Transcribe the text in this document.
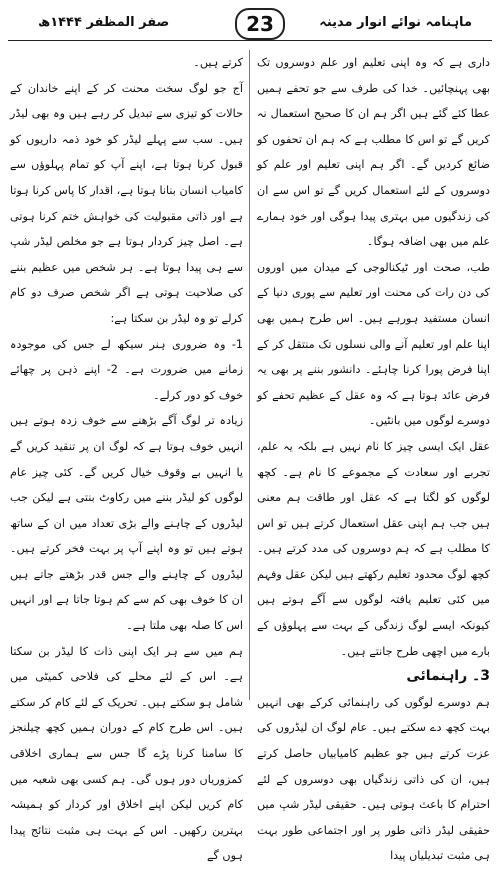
ماہنامہ نوائے انوار مدینہ
23
صفر المظفر ۱۴۴۴ھ

داری ہے کہ وہ اپنی تعلیم اور علم دوسروں تک بھی پہنچائیں۔ خدا کی طرف سے جو تحفے ہمیں عطا کئے گئے ہیں اگر ہم ان کا صحیح استعمال نہ کریں گے تو اس کا مطلب ہے کہ ہم ان تحفوں کو ضائع کردیں گے۔ اگر ہم اپنی تعلیم اور علم کو دوسروں کے لئے استعمال کریں گے تو اس سے ان کی زندگیوں میں بہتری پیدا ہوگی اور خود ہمارے علم میں بھی اضافہ ہوگا۔

طب، صحت اور ٹیکنالوجی کے میدان میں اوروں کی دن رات کی محنت اور تعلیم سے پوری دنیا کے انسان مستفید ہورہے ہیں۔ اس طرح ہمیں بھی اپنا علم اور تعلیم آنے والی نسلوں تک منتقل کر کے اپنا فرض پورا کرنا چاہئے۔ دانشور بننے پر بھی یہ فرض عائد ہوتا ہے کہ وہ عقل کے عظیم تحفے کو دوسرے لوگوں میں بانٹیں۔

عقل ایک ایسی چیز کا نام نہیں ہے بلکہ یہ علم، تجربے اور سعادت کے مجموعے کا نام ہے۔ کچھ لوگوں کو لگتا ہے کہ عقل اور طاقت ہم معنی ہیں جب ہم اپنی عقل استعمال کرتے ہیں تو اس کا مطلب ہے کہ ہم دوسروں کی مدد کرتے ہیں۔ کچھ لوگ محدود تعلیم رکھتے ہیں لیکن عقل وفہم میں کئی تعلیم یافتہ لوگوں سے آگے ہوتے ہیں کیونکہ ایسے لوگ زندگی کے بہت سے پہلوؤں کے بارے میں اچھی طرح جانتے ہیں۔

3۔ راہنمائی

ہم دوسرے لوگوں کی راہنمائی کرکے بھی انہیں بہت کچھ دے سکتے ہیں۔ عام لوگ ان لیڈروں کی عزت کرتے ہیں جو عظیم کامیابیاں حاصل کرتے ہیں، ان کی ذاتی زندگیاں بھی دوسروں کے لئے احترام کا باعث ہوتی ہیں۔ حقیقی لیڈر شپ میں حقیقی لیڈر ذاتی طور پر اور اجتماعی طور بہت ہی مثبت تبدیلیاں پیدا

کرتے ہیں۔

آج جو لوگ سخت محنت کر کے اپنے خاندان کے حالات کو تیزی سے تبدیل کر رہے ہیں وہ بھی لیڈر ہیں۔ سب سے پہلے لیڈر کو خود ذمہ داریوں کو قبول کرنا ہوتا ہے، اپنے آپ کو تمام پہلوؤں سے کامیاب انسان بنانا ہوتا ہے، اقدار کا پاس کرنا ہوتا ہے اور ذاتی مقبولیت کی خواہش ختم کرنا ہوتی ہے۔ اصل چیز کردار ہوتا ہے جو مخلص لیڈر شپ سے ہی پیدا ہوتا ہے۔ ہر شخص میں عظیم بننے کی صلاحیت ہوتی ہے اگر شخص صرف دو کام کرلے تو وہ لیڈر بن سکتا ہے:

1- وہ ضروری ہنر سیکھ لے جس کی موجودہ زمانے میں ضرورت ہے۔ 2- اپنے ذہن پر چھائے خوف کو دور کرلے۔

زیادہ تر لوگ آگے بڑھنے سے خوف زدہ ہوتے ہیں انہیں خوف ہوتا ہے کہ لوگ ان پر تنقید کریں گے یا انہیں بے وقوف خیال کریں گے۔ کئی چیز عام لوگوں کو لیڈر بننے میں رکاوٹ بنتی ہے لیکن جب لیڈروں کے چاہنے والے بڑی تعداد میں ان کے ساتھ ہوتے ہیں تو وہ اپنے آپ پر بہت فخر کرتے ہیں۔ لیڈروں کے چاہنے والے جس قدر بڑھتے جاتے ہیں ان کا خوف بھی کم سے کم ہوتا جاتا ہے اور انہیں اس کا صلہ بھی ملتا ہے۔

ہم میں سے ہر ایک اپنی ذات کا لیڈر بن سکتا ہے۔ اس کے لئے محلے کی فلاحی کمیٹی میں شامل ہو سکتے ہیں۔ تحریک کے لئے کام کر سکتے ہیں۔ اس طرح کام کے دوران ہمیں کچھ چیلنجز کا سامنا کرنا پڑے گا جس سے ہماری اخلاقی کمزوریاں دور ہوں گی۔ ہم کسی بھی شعبہ میں کام کریں لیکن اپنے اخلاق اور کردار کو ہمیشہ بہترین رکھیں۔ اس کے بہت ہی مثبت نتائج پیدا ہوں گے
